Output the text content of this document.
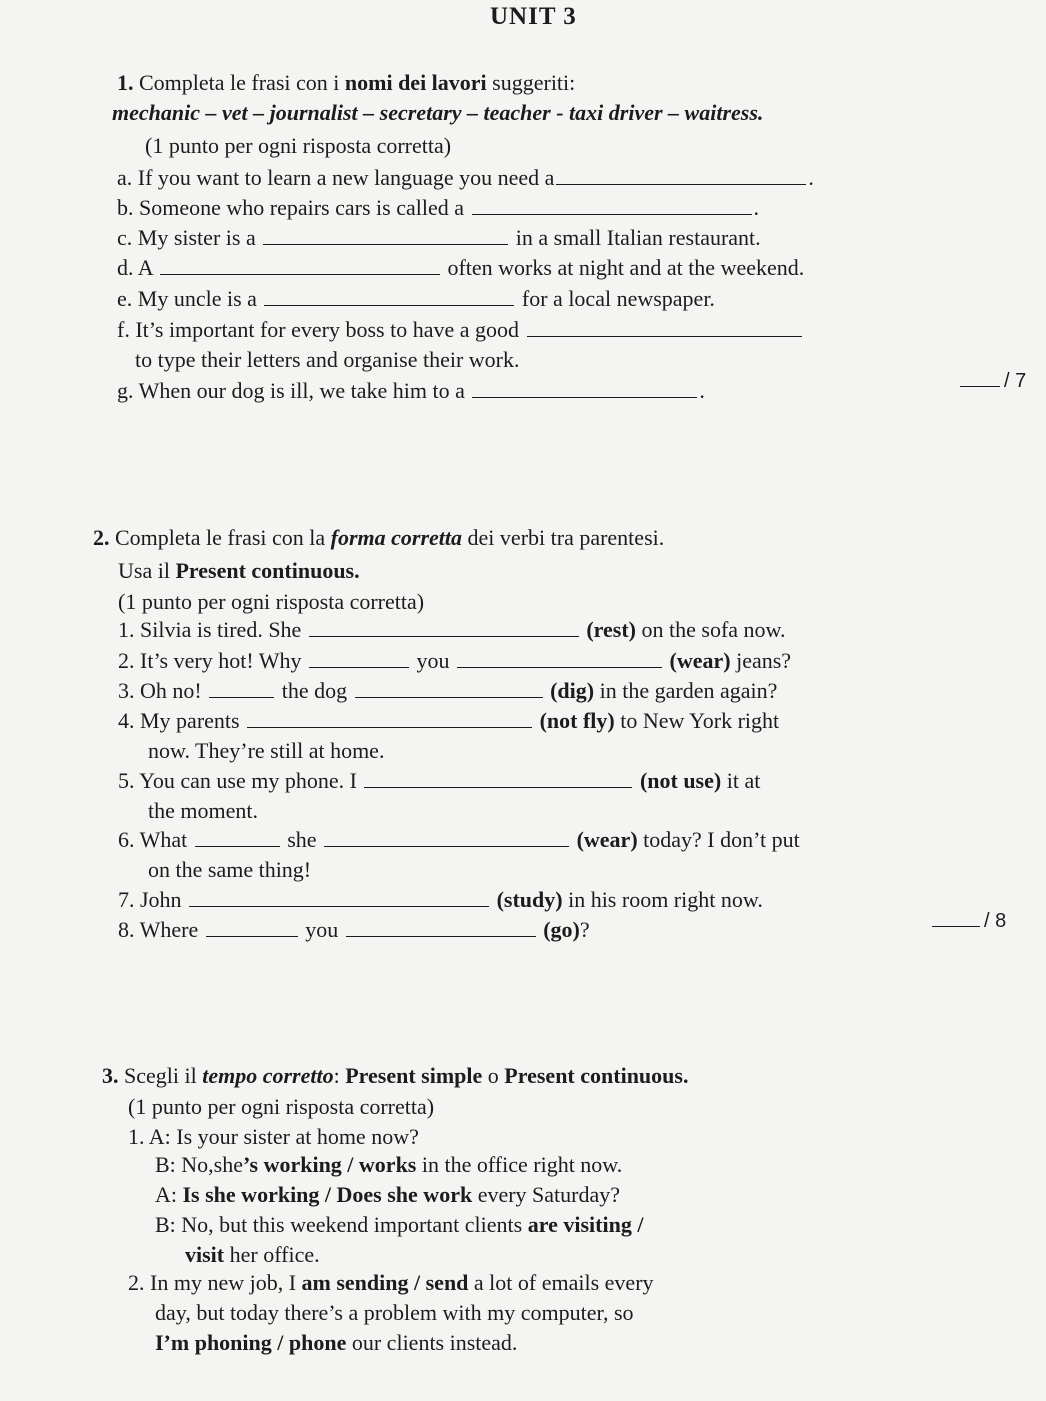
UNIT 3
1. Completa le frasi con i nomi dei lavori suggeriti:
mechanic – vet – journalist – secretary – teacher - taxi driver – waitress.
(1 punto per ogni risposta corretta)
a. If you want to learn a new language you need a	.
b. Someone who repairs cars is called a	.
c. My sister is a	in a small Italian restaurant.
d. A	often works at night and at the weekend.
e. My uncle is a	for a local newspaper.
f. It’s important for every boss to have a good
to type their letters and organise their work.
g. When our dog is ill, we take him to a	.	/ 7
2. Completa le frasi con la forma corretta dei verbi tra parentesi.
Usa il Present continuous.
(1 punto per ogni risposta corretta)
1. Silvia is tired. She	(rest) on the sofa now.
2. It’s very hot! Why	you	(wear) jeans?
3. Oh no!	the dog	(dig) in the garden again?
4. My parents	(not fly) to New York right
now. They’re still at home.
5. You can use my phone. I	(not use) it at
the moment.
6. What	she	(wear) today? I don’t put
on the same thing!
7. John	(study) in his room right now.
8. Where	you	(go)?	/ 8
3. Scegli il tempo corretto: Present simple o Present continuous.
(1 punto per ogni risposta corretta)
1. A: Is your sister at home now?
B: No,she’s working / works in the office right now.
A: Is she working / Does she work every Saturday?
B: No, but this weekend important clients are visiting /
visit her office.
2. In my new job, I am sending / send a lot of emails every
day, but today there’s a problem with my computer, so
I’m phoning / phone our clients instead.
